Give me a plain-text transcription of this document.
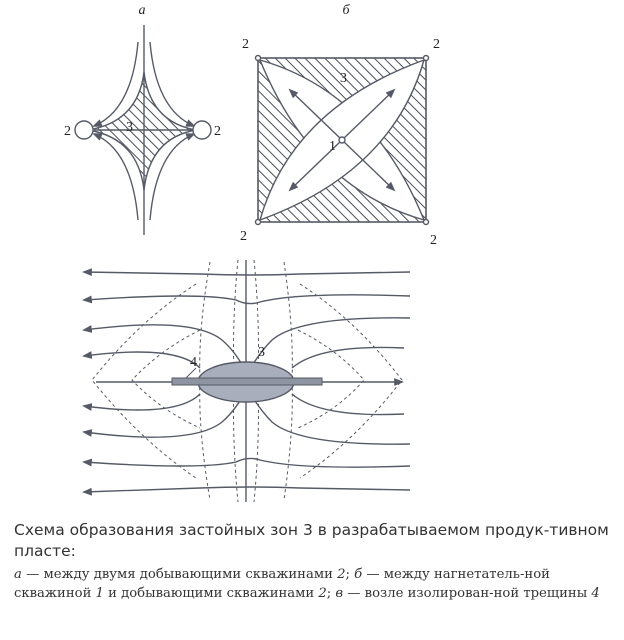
а
2	2
3
б
2	2
2	2
1
3
4
3

Схема образования застойных зон 3 в разрабатываемом продук-тивном пласте:

а — между двумя добывающими скважинами 2; б — между нагнетатель-ной скважиной 1 и добывающими скважинами 2; в — возле изолирован-ной трещины 4
